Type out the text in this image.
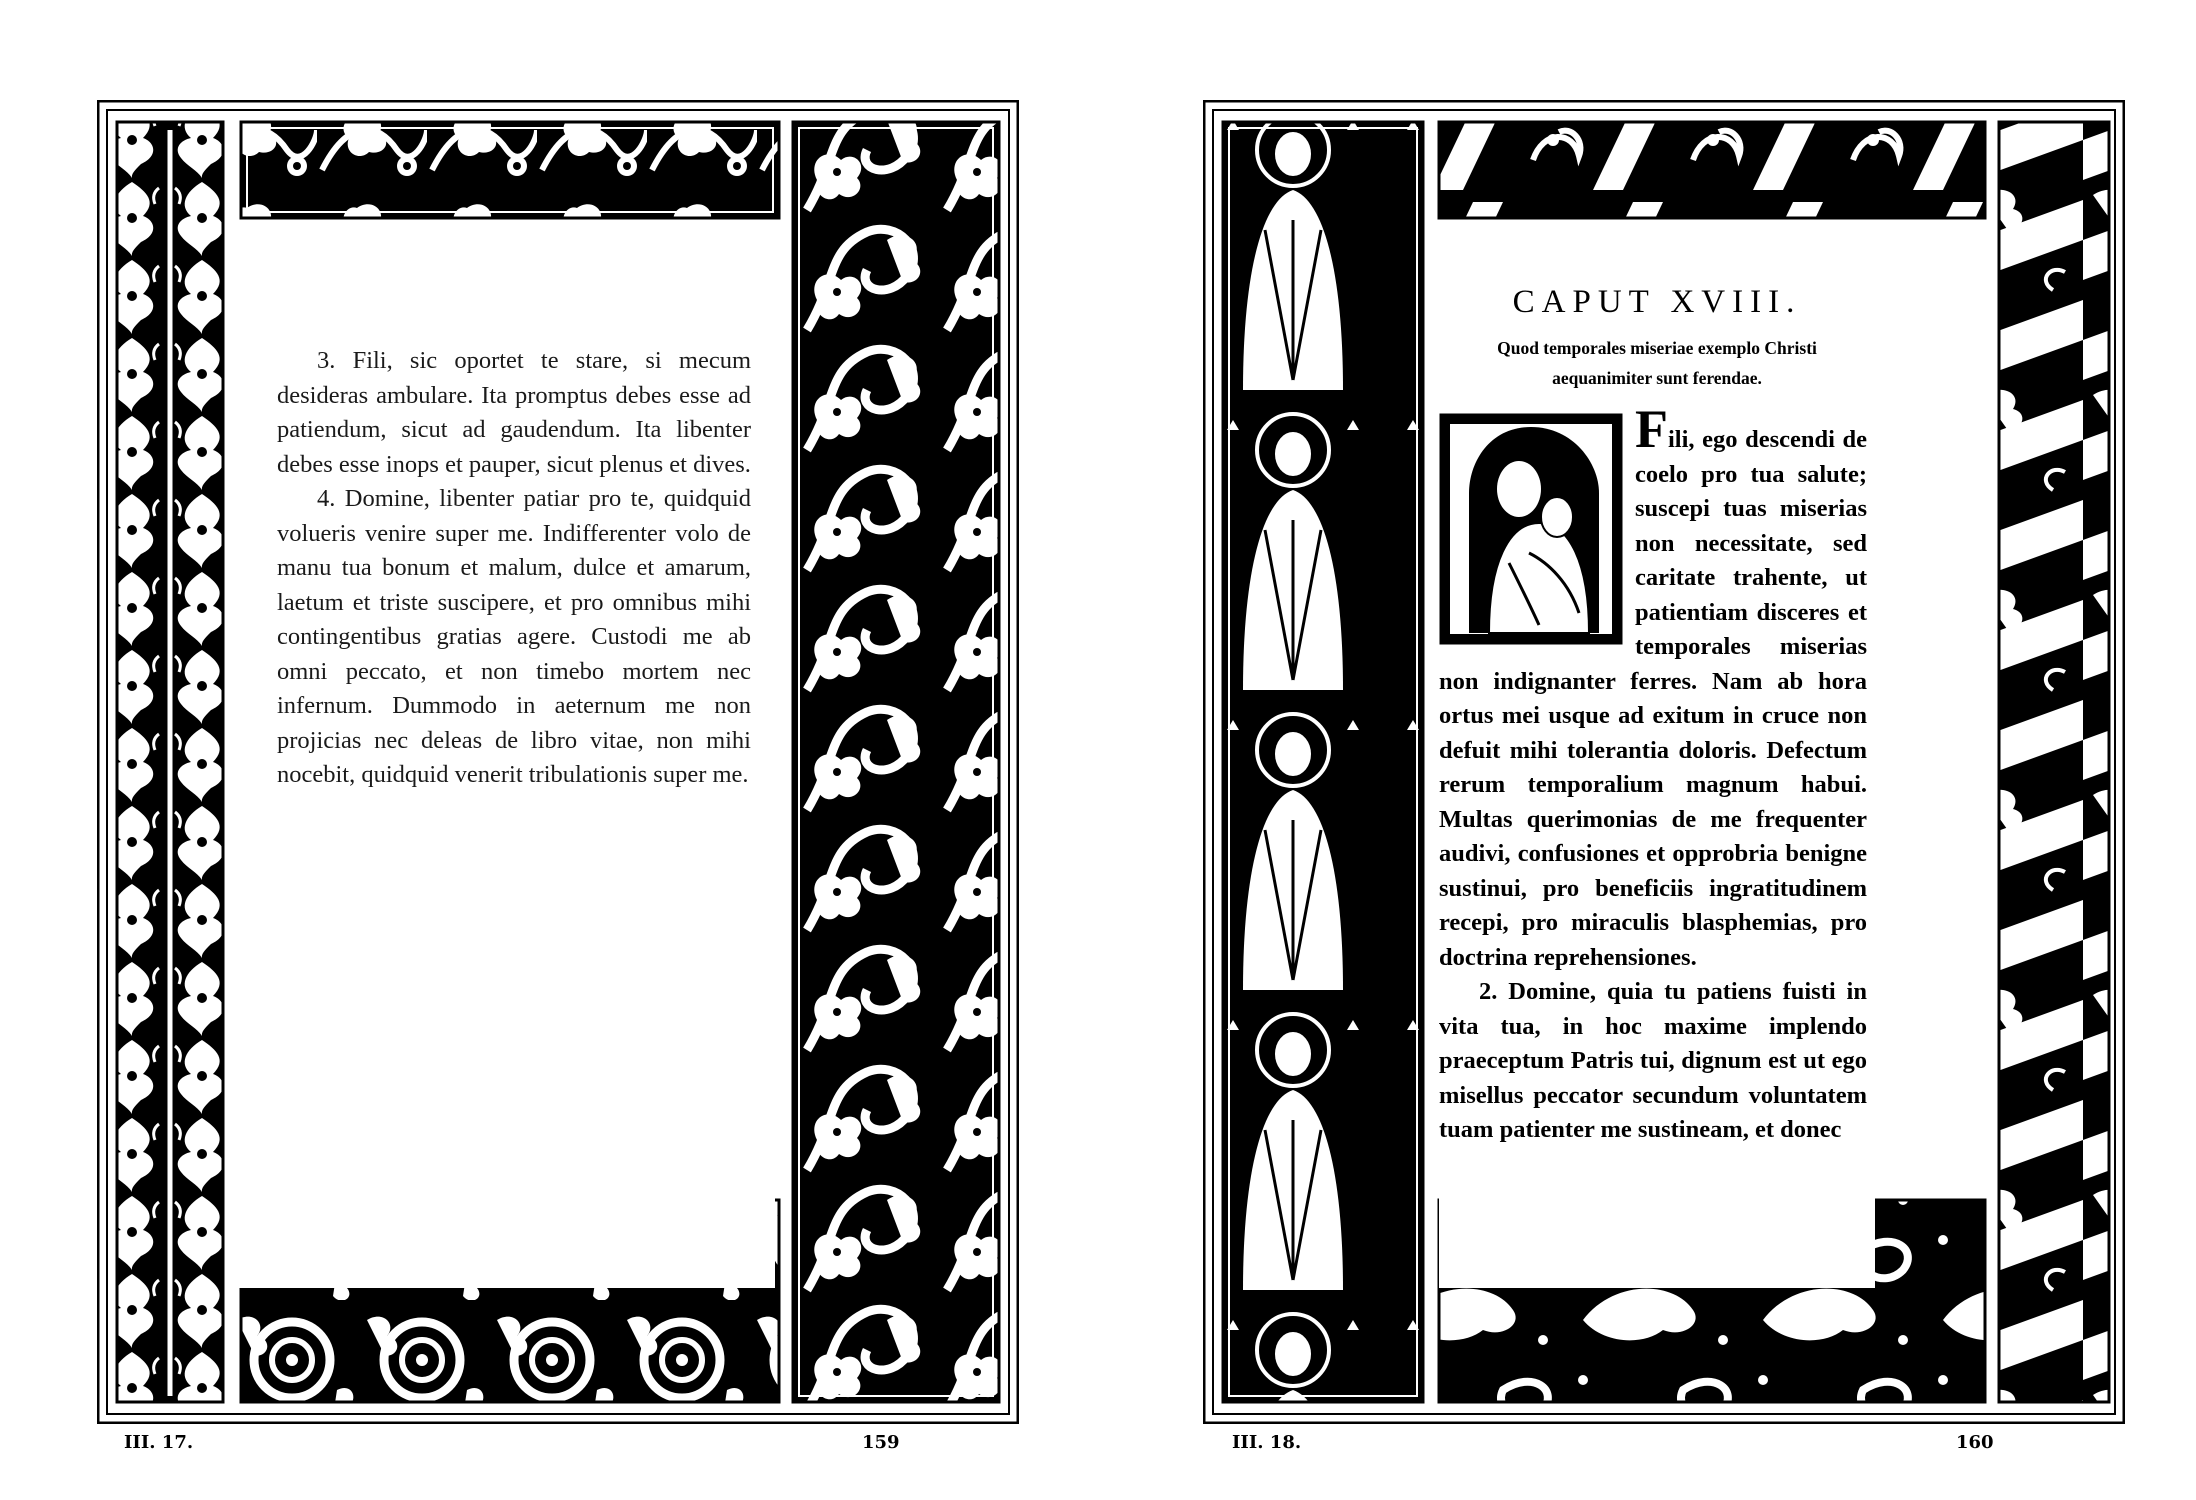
3. Fili, sic oportet te stare, si mecum desideras ambulare. Ita promptus debes esse ad patiendum, sicut ad gaudendum. Ita libenter debes esse inops et pauper, sicut plenus et dives.

4. Domine, libenter patiar pro te, quidquid volueris venire super me. Indifferenter volo de manu tua bonum et malum, dulce et amarum, laetum et triste suscipere, et pro omnibus mihi contingentibus gratias agere. Custodi me ab omni peccato, et non timebo mortem nec infernum. Dummodo in aeternum me non projicias nec deleas de libro vitae, non mihi nocebit, quidquid venerit tribulationis super me.

CAPUT XVIII.
Quod temporales miseriae exemplo Christi aequanimiter sunt ferendae.

Fili, ego descendi de coelo pro tua salute; suscepi tuas miserias non necessitate, sed caritate trahente, ut patientiam disceres et temporales miserias non indignanter ferres. Nam ab hora ortus mei usque ad exitum in cruce non defuit mihi tolerantia doloris. Defectum rerum temporalium magnum habui. Multas querimonias de me frequenter audivi, confusiones et opprobria benigne sustinui, pro beneficiis ingratitudinem recepi, pro miraculis blasphemias, pro doctrina reprehensiones.

2. Domine, quia tu patiens fuisti in vita tua, in hoc maxime implendo praeceptum Patris tui, dignum est ut ego misellus peccator secundum voluntatem tuam patienter me sustineam, et donec

III. 17.	159	III. 18.	160
